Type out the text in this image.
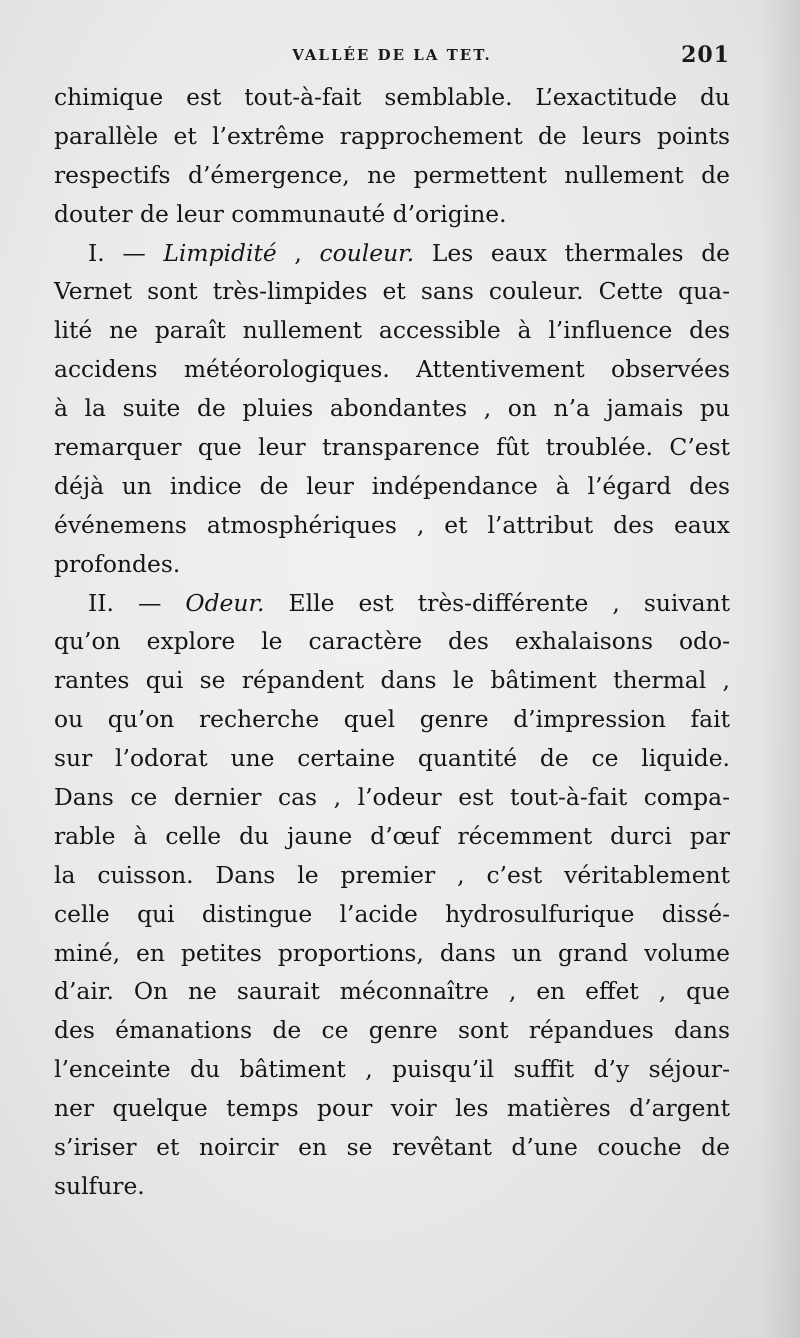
VALLÉE DE LA TET.	201
chimique est tout-à-fait semblable. L’exactitude du
parallèle et l’extrême rapprochement de leurs points
respectifs d’émergence, ne permettent nullement de
douter de leur communauté d’origine.
I. — Limpidité , couleur. Les eaux thermales de
Vernet sont très-limpides et sans couleur. Cette qua-
lité ne paraît nullement accessible à l’influence des
accidens météorologiques. Attentivement observées
à la suite de pluies abondantes , on n’a jamais pu
remarquer que leur transparence fût troublée. C’est
déjà un indice de leur indépendance à l’égard des
événemens atmosphériques , et l’attribut des eaux
profondes.
II. — Odeur. Elle est très-différente , suivant
qu’on explore le caractère des exhalaisons odo-
rantes qui se répandent dans le bâtiment thermal ,
ou qu’on recherche quel genre d’impression fait
sur l’odorat une certaine quantité de ce liquide.
Dans ce dernier cas , l’odeur est tout-à-fait compa-
rable à celle du jaune d’œuf récemment durci par
la cuisson. Dans le premier , c’est véritablement
celle qui distingue l’acide hydrosulfurique dissé-
miné, en petites proportions, dans un grand volume
d’air. On ne saurait méconnaître , en effet , que
des émanations de ce genre sont répandues dans
l’enceinte du bâtiment , puisqu’il suffit d’y séjour-
ner quelque temps pour voir les matières d’argent
s’iriser et noircir en se revêtant d’une couche de
sulfure.
